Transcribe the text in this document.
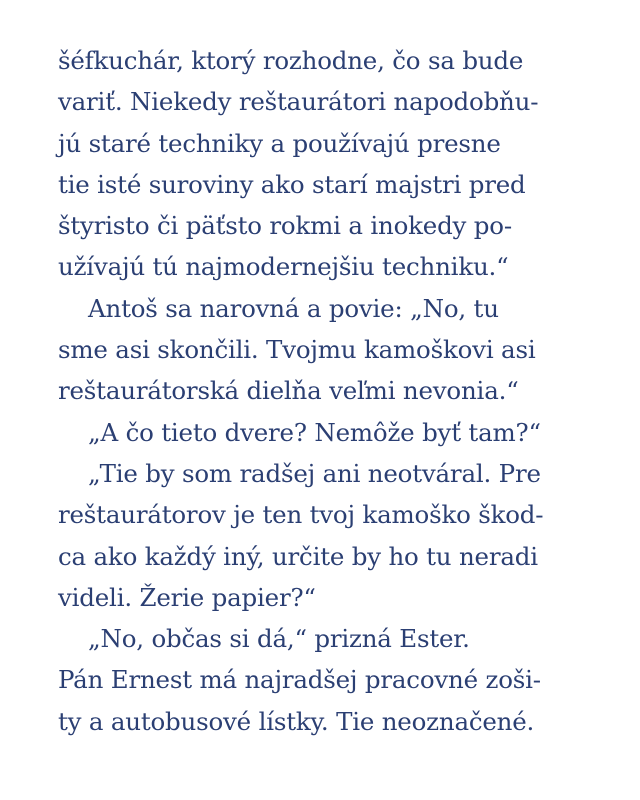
šéfkuchár, ktorý rozhodne, čo sa bude
variť. Niekedy reštaurátori napodobňu-
jú staré techniky a používajú presne
tie isté suroviny ako starí majstri pred
štyristo či päťsto rokmi a inokedy po-
užívajú tú najmodernejšiu techniku.“
Antoš sa narovná a povie: „No, tu
sme asi skončili. Tvojmu kamoškovi asi
reštaurátorská dielňa veľmi nevonia.“
„A čo tieto dvere? Nemôže byť tam?“
„Tie by som radšej ani neotváral. Pre
reštaurátorov je ten tvoj kamoško škod-
ca ako každý iný, určite by ho tu neradi
videli. Žerie papier?“
„No, občas si dá,“ prizná Ester.
Pán Ernest má najradšej pracovné zoši-
ty a autobusové lístky. Tie neoznačené.
